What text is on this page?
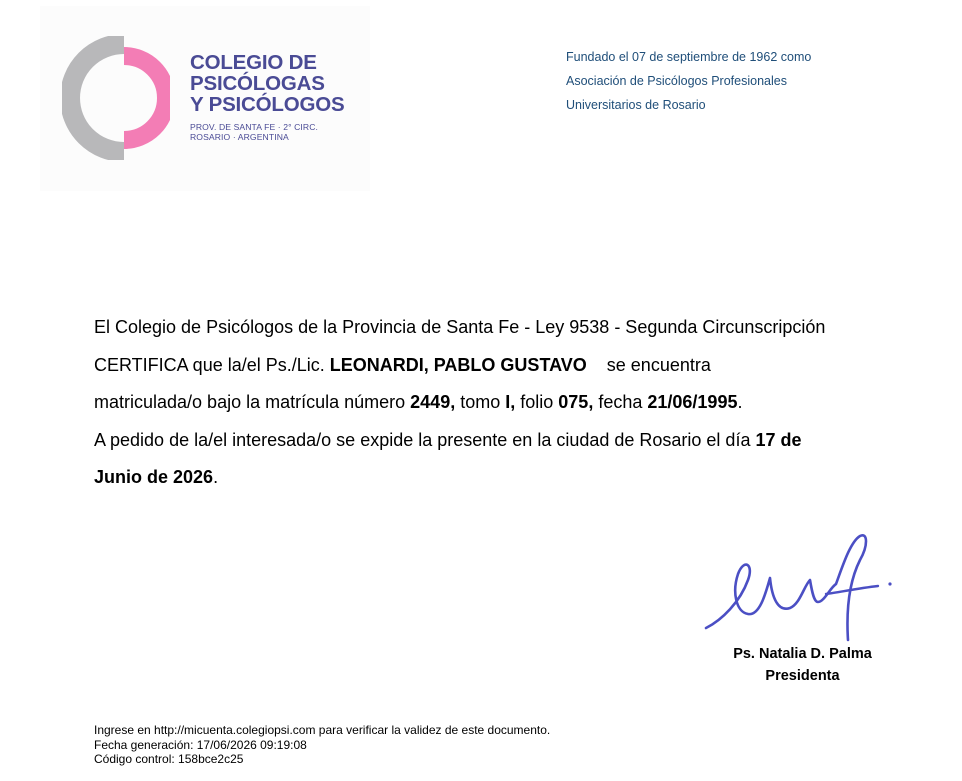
COLEGIO DE
PSICÓLOGAS
Y PSICÓLOGOS
PROV. DE SANTA FE · 2° CIRC.
ROSARIO · ARGENTINA
Fundado el 07 de septiembre de 1962 como
Asociación de Psicólogos Profesionales
Universitarios de Rosario
El Colegio de Psicólogos de la Provincia de Santa Fe - Ley 9538 - Segunda Circunscripción
CERTIFICA que la/el Ps./Lic. LEONARDI, PABLO GUSTAVO se encuentra
matriculada/o bajo la matrícula número 2449, tomo I, folio 075, fecha 21/06/1995.
A pedido de la/el interesada/o se expide la presente en la ciudad de Rosario el día 17 de
Junio de 2026.
Ps. Natalia D. Palma
Presidenta
Ingrese en http://micuenta.colegiopsi.com para verificar la validez de este documento.
Fecha generación: 17/06/2026 09:19:08
Código control: 158bce2c25
